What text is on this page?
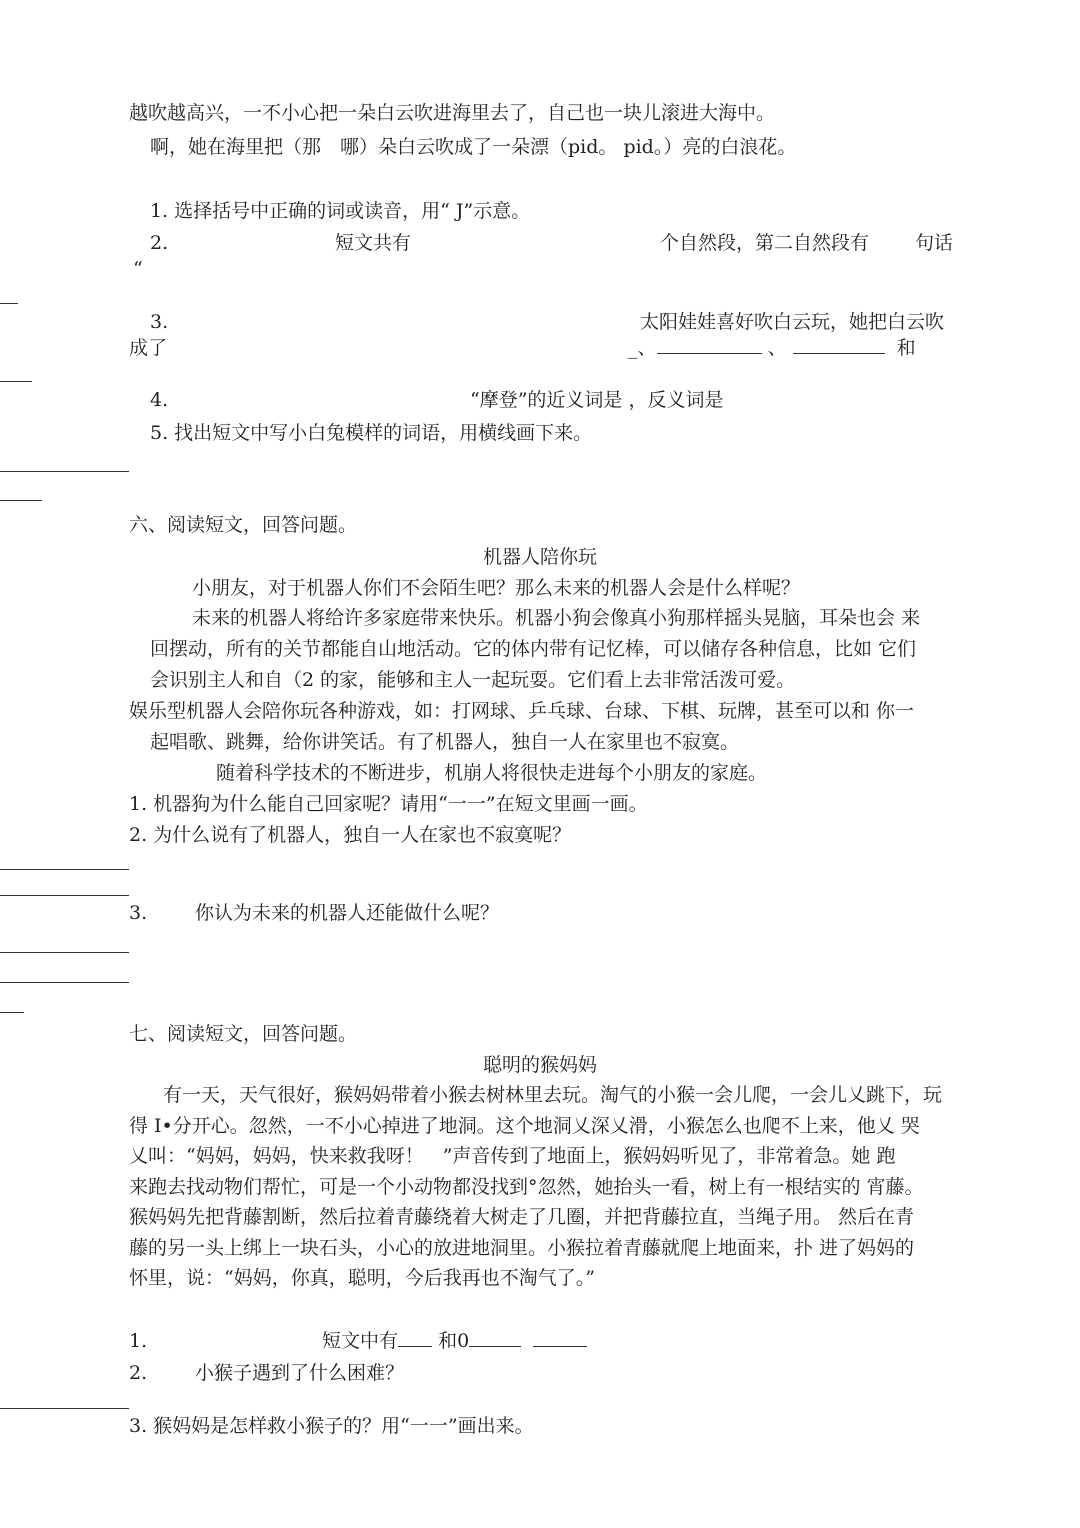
越吹越高兴，一不小心把一朵白云吹进海里去了，自己也一块儿滚进大海中。
啊，她在海里把（那　哪）朵白云吹成了一朵漂（pid。 pid。）亮的白浪花。
1. 选择括号中正确的词或读音，用“ J”示意。
2.	短文共有	个自然段，第二自然段有 句话
“
3.	太阳娃娃喜好吹白云玩，她把白云吹
成了	_、	、	和
4.	“摩登”的近义词是 ，反义词是
5. 找出短文中写小白兔模样的词语，用横线画下来。
六、阅读短文，回答问题。
机器人陪你玩
小朋友，对于机器人你们不会陌生吧？那么未来的机器人会是什么样呢？
未来的机器人将给许多家庭带来快乐。机器小狗会像真小狗那样摇头晃脑，耳朵也会 来
回摆动，所有的关节都能自山地活动。它的体内带有记忆棒，可以储存各种信息，比如 它们
会识别主人和自（2 的家，能够和主人一起玩耍。它们看上去非常活泼可爱。
娱乐型机器人会陪你玩各种游戏，如：打网球、乒乓球、台球、下棋、玩牌，甚至可以和 你一
起唱歌、跳舞，给你讲笑话。有了机器人，独自一人在家里也不寂寞。
随着科学技术的不断进步，机崩人将很快走进每个小朋友的家庭。
1. 机器狗为什么能自己回家呢？请用“一一”在短文里画一画。
2. 为什么说有了机器人，独自一人在家也不寂寞呢？
3.	你认为未来的机器人还能做什么呢？
七、阅读短文，回答问题。
聪明的猴妈妈
有一天，天气很好，猴妈妈带着小猴去树林里去玩。淘气的小猴一会儿爬，一会儿乂跳下，玩
得 I•分开心。忽然，一不小心掉进了地洞。这个地洞乂深乂滑，小猴怎么也爬不上来，他乂 哭
乂叫：“妈妈，妈妈，快来救我呀！　”声音传到了地面上，猴妈妈听见了，非常着急。她 跑
来跑去找动物们帮忙，可是一个小动物都没找到°忽然，她抬头一看，树上有一根结实的 宵藤。
猴妈妈先把背藤割断，然后拉着青藤绕着大树走了几圈，并把背藤拉直，当绳子用。 然后在青
藤的另一头上绑上一块石头，小心的放进地洞里。小猴拉着青藤就爬上地面来，扑 进了妈妈的
怀里，说：“妈妈，你真，聪明，今后我再也不淘气了。”
1.	短文中有 和0
2.	小猴子遇到了什么困难？
3. 猴妈妈是怎样救小猴子的？用“一一”画出来。
